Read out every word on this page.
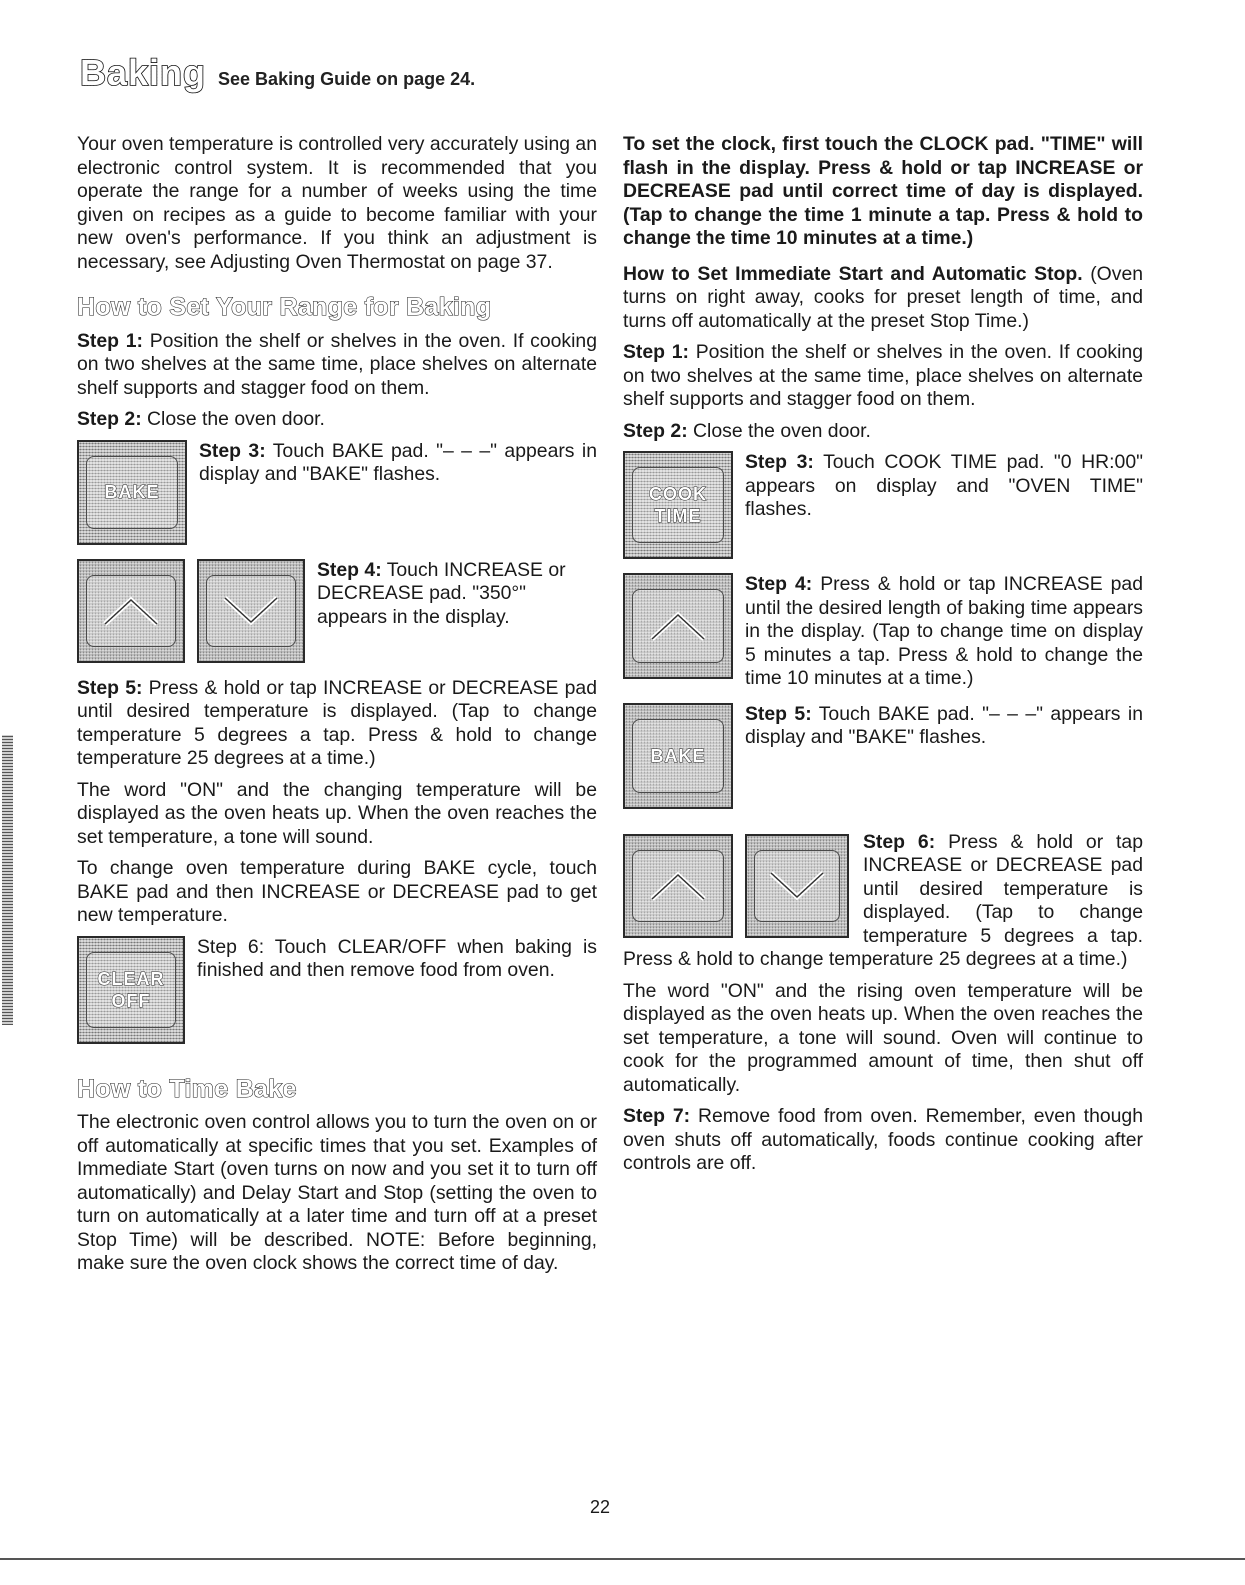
Baking See Baking Guide on page 24.

Your oven temperature is controlled very accurately using an electronic control system. It is recommended that you operate the range for a number of weeks using the time given on recipes as a guide to become familiar with your new oven's performance. If you think an adjustment is necessary, see Adjusting Oven Thermostat on page 37.

How to Set Your Range for Baking

Step 1: Position the shelf or shelves in the oven. If cooking on two shelves at the same time, place shelves on alternate shelf supports and stagger food on them.

Step 2: Close the oven door.

BAKE
Step 3: Touch BAKE pad. "– – –" appears in display and "BAKE" flashes.
Step 4: Touch INCREASE or DECREASE pad. "350°" appears in the display.

Step 5: Press & hold or tap INCREASE or DECREASE pad until desired temperature is displayed. (Tap to change temperature 5 degrees a tap. Press & hold to change temperature 25 degrees at a time.)

The word "ON" and the changing temperature will be displayed as the oven heats up. When the oven reaches the set temperature, a tone will sound.

To change oven temperature during BAKE cycle, touch BAKE pad and then INCREASE or DECREASE pad to get new temperature.

CLEAR
OFF
Step 6: Touch CLEAR/OFF when baking is finished and then remove food from oven.
How to Time Bake

The electronic oven control allows you to turn the oven on or off automatically at specific times that you set. Examples of Immediate Start (oven turns on now and you set it to turn off automatically) and Delay Start and Stop (setting the oven to turn on automatically at a later time and turn off at a preset Stop Time) will be described. NOTE: Before beginning, make sure the oven clock shows the correct time of day.

To set the clock, first touch the CLOCK pad. "TIME" will flash in the display. Press & hold or tap INCREASE or DECREASE pad until correct time of day is displayed. (Tap to change the time 1 minute a tap. Press & hold to change the time 10 minutes at a time.)

How to Set Immediate Start and Automatic Stop. (Oven turns on right away, cooks for preset length of time, and turns off automatically at the preset Stop Time.)

Step 1: Position the shelf or shelves in the oven. If cooking on two shelves at the same time, place shelves on alternate shelf supports and stagger food on them.

Step 2: Close the oven door.

COOK
TIME
Step 3: Touch COOK TIME pad. "0 HR:00" appears on display and "OVEN TIME" flashes.
Step 4: Press & hold or tap INCREASE pad until the desired length of baking time appears in the display. (Tap to change time on display 5 minutes a tap. Press & hold to change the time 10 minutes at a time.)
BAKE
Step 5: Touch BAKE pad. "– – –" appears in display and "BAKE" flashes.

Step 6: Press & hold or tap INCREASE or DECREASE pad until desired temperature is displayed. (Tap to change temperature 5 degrees a tap. Press & hold to change temperature 25 degrees at a time.)

The word "ON" and the rising oven temperature will be displayed as the oven heats up. When the oven reaches the set temperature, a tone will sound. Oven will continue to cook for the programmed amount of time, then shut off automatically.

Step 7: Remove food from oven. Remember, even though oven shuts off automatically, foods continue cooking after controls are off.

22
